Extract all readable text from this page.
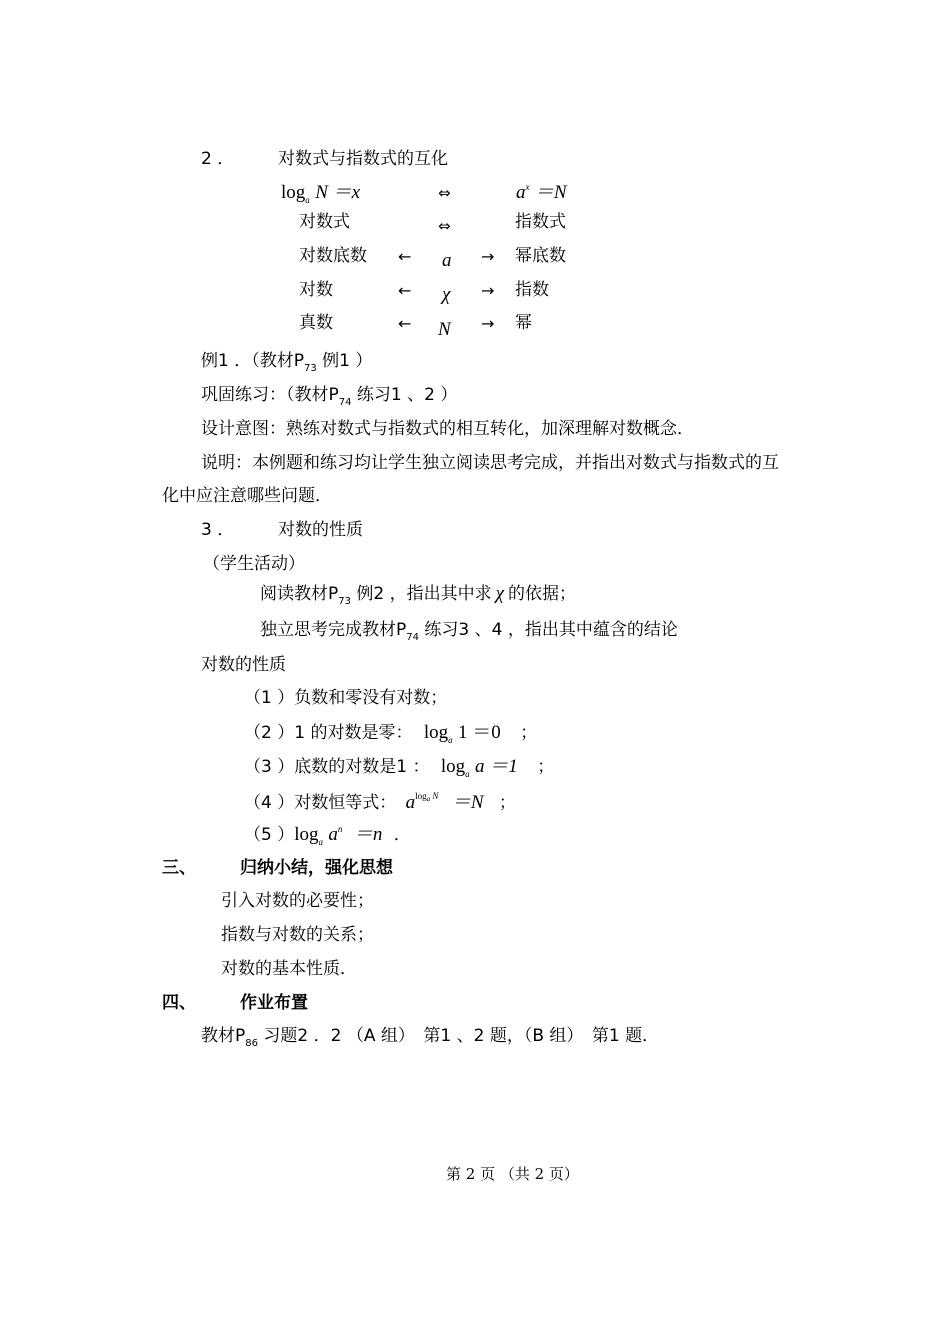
2 ．	对数式与指数式的互化
$\log_a N =x$	⇔	$a^x =N$
对数式	⇔	指数式
对数底数 ← a → 幂底数
对数	← χ → 指数
真数	← N → 幂
例1 ．（教材$P_{73}$ 例1 ）
巩固练习：（教材$P_{74}$ 练习1 、2 ）
设计意图：熟练对数式与指数式的相互转化，加深理解对数概念．
说明：本例题和练习均让学生独立阅读思考完成，并指出对数式与指数式的互
化中应注意哪些问题．
3 ．	对数的性质
（学生活动）
阅读教材$P_{73}$ 例2 ，指出其中求 χ 的依据；
独立思考完成教材$P_{74}$ 练习3 、4 ，指出其中蕴含的结论
对数的性质
（1 ）负数和零没有对数；
（2 ）1 的对数是零： $\log_a 1 =0$ ；
（3 ）底数的对数是1 ： $\log_a a =1$ ；
（4 ）对数恒等式： $a^{log_a N} =N$ ；
（5 ）$\log_a$ $a^n =n$ ．
三、	归纳小结，强化思想
引入对数的必要性；
指数与对数的关系；
对数的基本性质．
四、	作业布置
教材$P_{86}$ 习题2 ．2 （A 组）　第1 、2 题，（B 组）　第1 题．
第 2 页 （共 2 页）
